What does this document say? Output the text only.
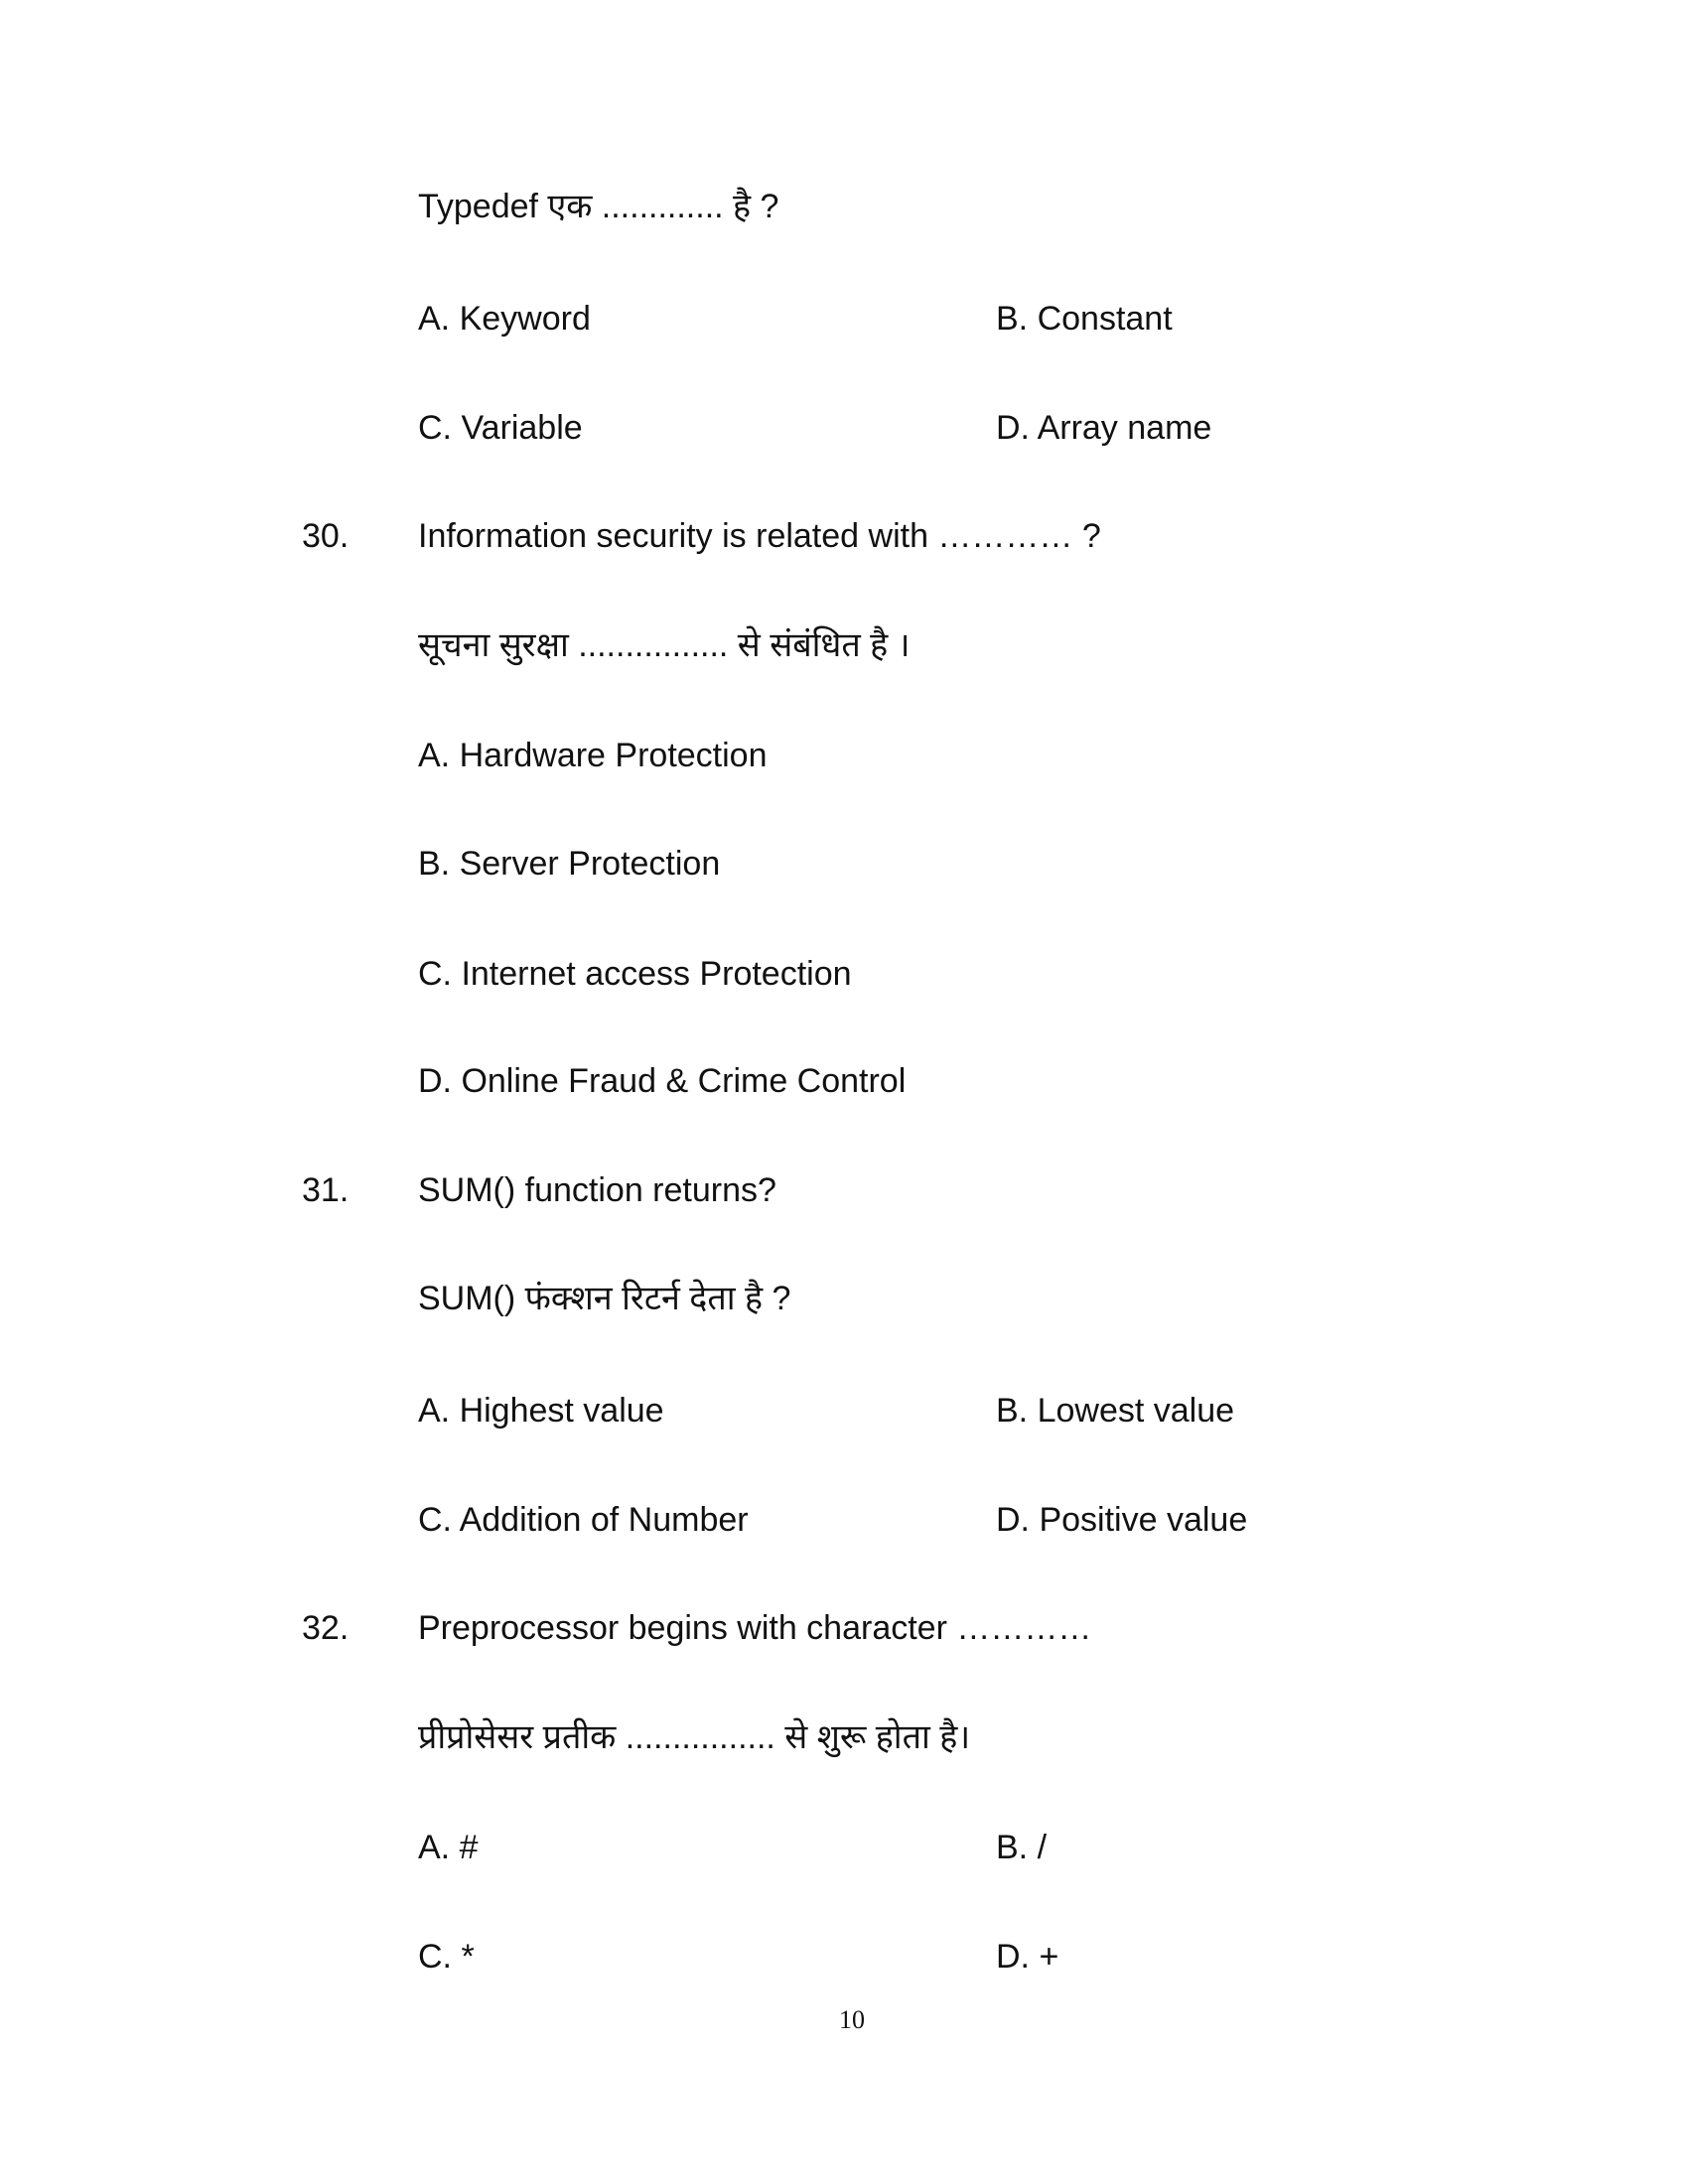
Typedef एक ............. है ?
A. Keyword	B. Constant
C. Variable	D. Array name
30. Information security is related with ………… ?
सूचना सुरक्षा ................ से संबंधित है ।
A. Hardware Protection
B. Server Protection
C. Internet access Protection
D. Online Fraud & Crime Control
31. SUM() function returns?
SUM() फंक्शन रिटर्न देता है ?
A. Highest value	B. Lowest value
C. Addition of Number	D. Positive value
32. Preprocessor begins with character …………
प्रीप्रोसेसर प्रतीक ................ से शुरू होता है।
A. #	B. /
C. *	D. +
10
